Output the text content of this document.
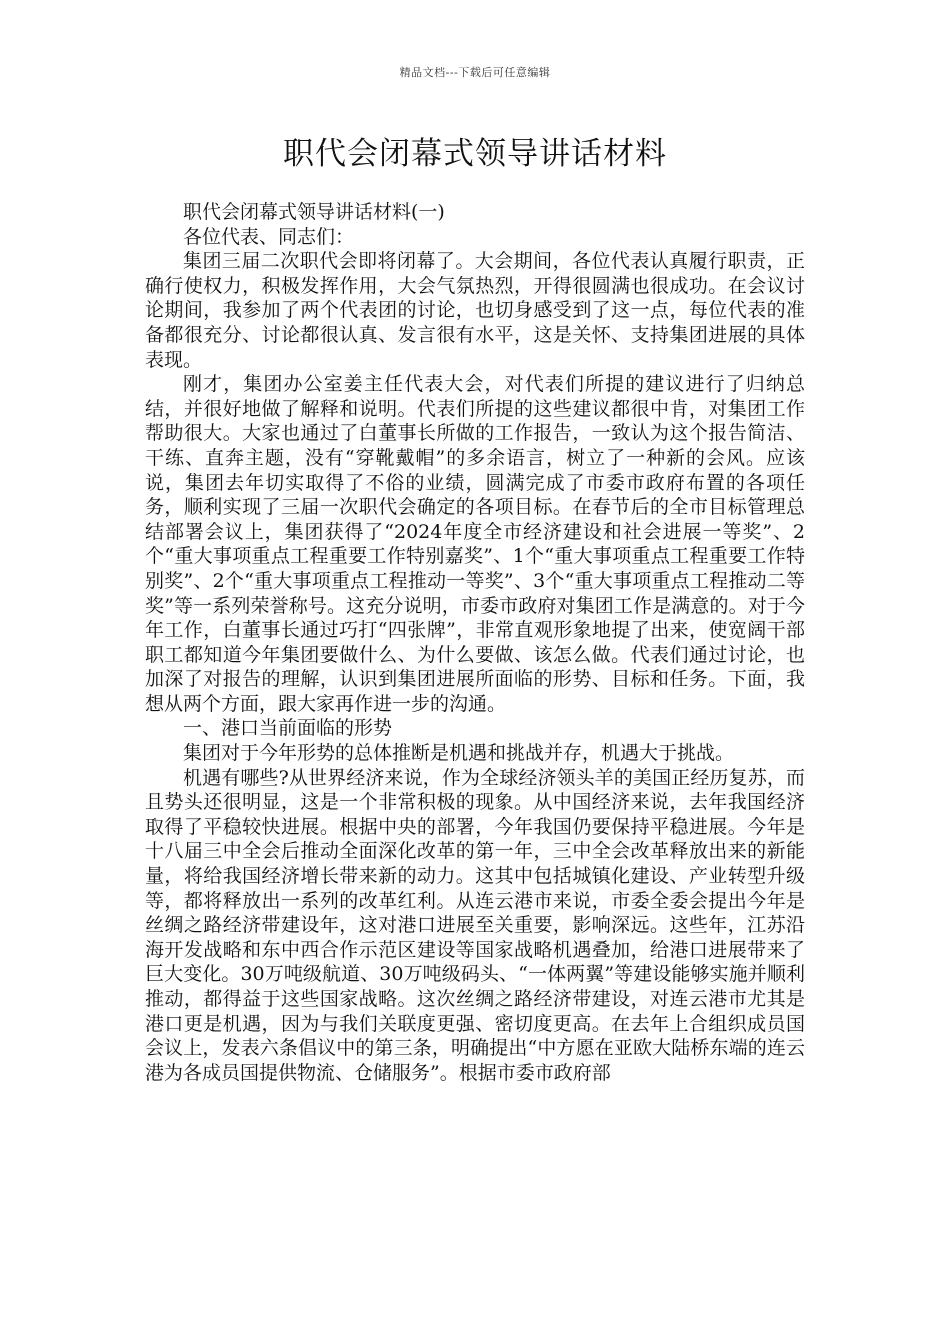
精品文档---下载后可任意编辑
职代会闭幕式领导讲话材料

职代会闭幕式领导讲话材料(一)

各位代表、同志们：

集团三届二次职代会即将闭幕了。大会期间，各位代表认真履行职责，正确行使权力，积极发挥作用，大会气氛热烈，开得很圆满也很成功。在会议讨论期间，我参加了两个代表团的讨论，也切身感受到了这一点，每位代表的准备都很充分、讨论都很认真、发言很有水平，这是关怀、支持集团进展的具体表现。

刚才，集团办公室姜主任代表大会，对代表们所提的建议进行了归纳总结，并很好地做了解释和说明。代表们所提的这些建议都很中肯，对集团工作帮助很大。大家也通过了白董事长所做的工作报告，一致认为这个报告简洁、干练、直奔主题，没有“穿靴戴帽”的多余语言，树立了一种新的会风。应该说，集团去年切实取得了不俗的业绩，圆满完成了市委市政府布置的各项任务，顺利实现了三届一次职代会确定的各项目标。在春节后的全市目标管理总结部署会议上，集团获得了“2024年度全市经济建设和社会进展一等奖”、2个“重大事项重点工程重要工作特别嘉奖”、1个“重大事项重点工程重要工作特别奖”、2个“重大事项重点工程推动一等奖”、3个“重大事项重点工程推动二等奖”等一系列荣誉称号。这充分说明，市委市政府对集团工作是满意的。对于今年工作，白董事长通过巧打“四张牌”，非常直观形象地提了出来，使宽阔干部职工都知道今年集团要做什么、为什么要做、该怎么做。代表们通过讨论，也加深了对报告的理解，认识到集团进展所面临的形势、目标和任务。下面，我想从两个方面，跟大家再作进一步的沟通。

一、港口当前面临的形势

集团对于今年形势的总体推断是机遇和挑战并存，机遇大于挑战。

机遇有哪些?从世界经济来说，作为全球经济领头羊的美国正经历复苏，而且势头还很明显，这是一个非常积极的现象。从中国经济来说，去年我国经济取得了平稳较快进展。根据中央的部署，今年我国仍要保持平稳进展。今年是十八届三中全会后推动全面深化改革的第一年，三中全会改革释放出来的新能量，将给我国经济增长带来新的动力。这其中包括城镇化建设、产业转型升级等，都将释放出一系列的改革红利。从连云港市来说，市委全委会提出今年是丝绸之路经济带建设年，这对港口进展至关重要，影响深远。这些年，江苏沿海开发战略和东中西合作示范区建设等国家战略机遇叠加，给港口进展带来了巨大变化。30万吨级航道、30万吨级码头、“一体两翼”等建设能够实施并顺利推动，都得益于这些国家战略。这次丝绸之路经济带建设，对连云港市尤其是港口更是机遇，因为与我们关联度更强、密切度更高。在去年上合组织成员国会议上，发表六条倡议中的第三条，明确提出“中方愿在亚欧大陆桥东端的连云港为各成员国提供物流、仓储服务”。根据市委市政府部
